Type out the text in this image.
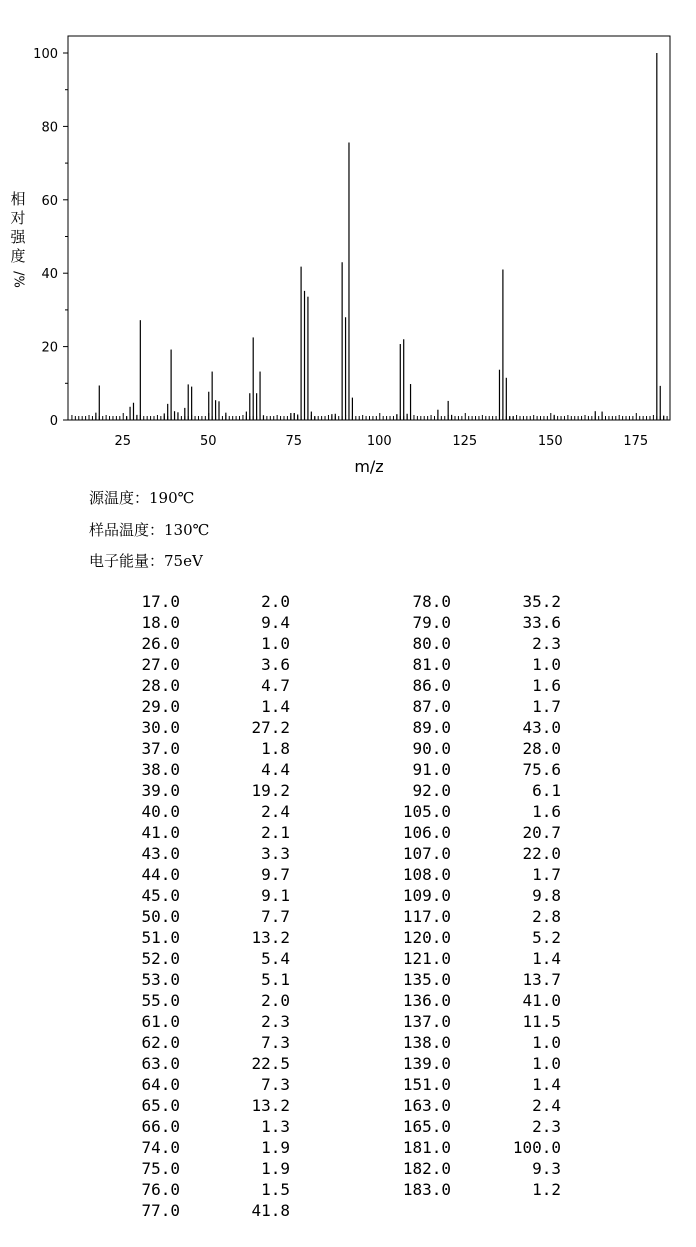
0
20
40
60
80
100
25	50	75	100	125	150	175
m/z
相
对
强
度
/%
源温度：190℃
样品温度：130℃
电子能量：75eV
17.0	2.0
18.0	9.4
26.0	1.0
27.0	3.6
28.0	4.7
29.0	1.4
30.0	27.2
37.0	1.8
38.0	4.4
39.0	19.2
40.0	2.4
41.0	2.1
43.0	3.3
44.0	9.7
45.0	9.1
50.0	7.7
51.0	13.2
52.0	5.4
53.0	5.1
55.0	2.0
61.0	2.3
62.0	7.3
63.0	22.5
64.0	7.3
65.0	13.2
66.0	1.3
74.0	1.9
75.0	1.9
76.0	1.5
77.0	41.8
78.0	35.2
79.0	33.6
80.0	2.3
81.0	1.0
86.0	1.6
87.0	1.7
89.0	43.0
90.0	28.0
91.0	75.6
92.0	6.1
105.0	1.6
106.0	20.7
107.0	22.0
108.0	1.7
109.0	9.8
117.0	2.8
120.0	5.2
121.0	1.4
135.0	13.7
136.0	41.0
137.0	11.5
138.0	1.0
139.0	1.0
151.0	1.4
163.0	2.4
165.0	2.3
181.0	100.0
182.0	9.3
183.0	1.2
